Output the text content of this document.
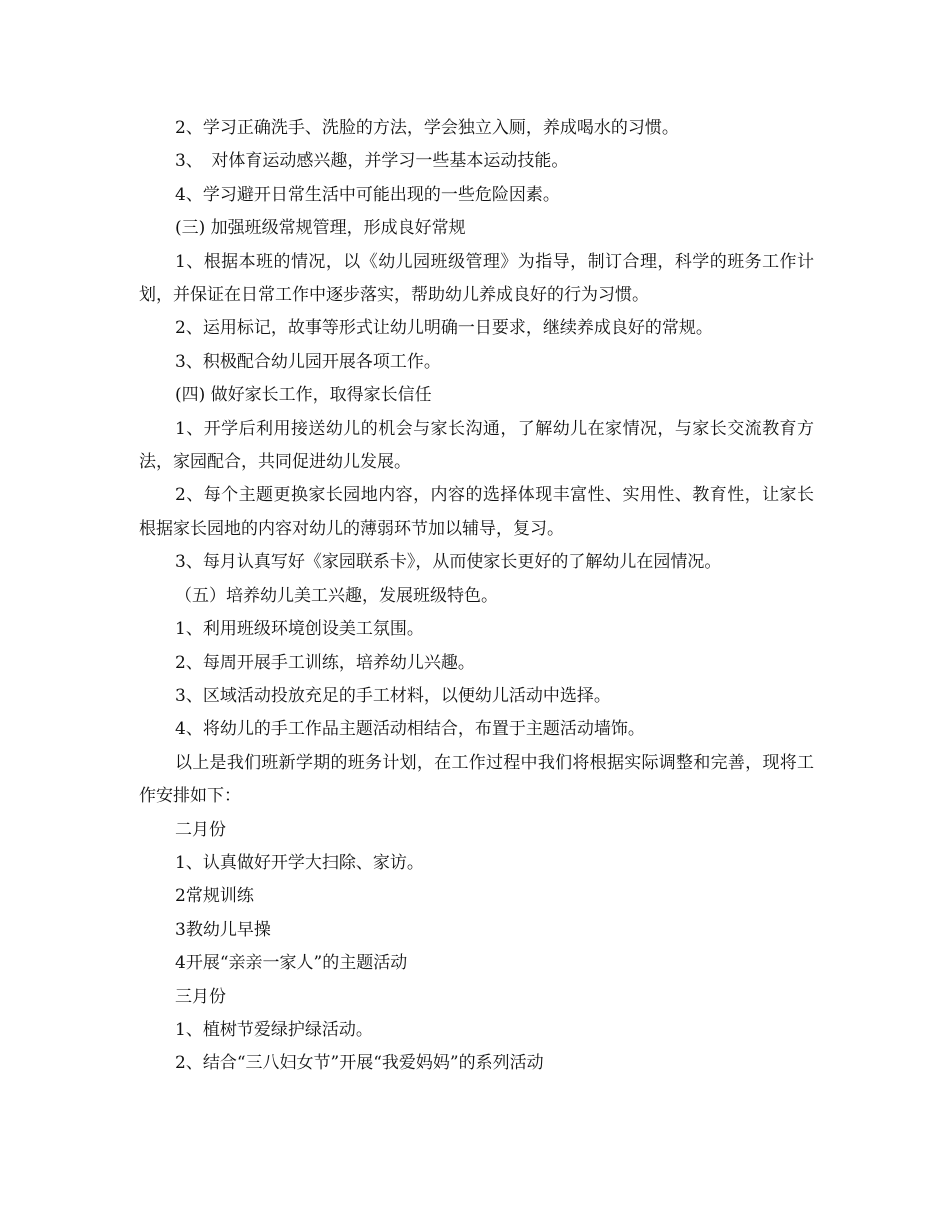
2、学习正确洗手、洗脸的方法，学会独立入厕，养成喝水的习惯。

3、　对体育运动感兴趣，并学习一些基本运动技能。

4、学习避开日常生活中可能出现的一些危险因素。

(三) 加强班级常规管理，形成良好常规

1、根据本班的情况，以《幼儿园班级管理》为指导，制订合理，科学的班务工作计划，并保证在日常工作中逐步落实，帮助幼儿养成良好的行为习惯。

2、运用标记，故事等形式让幼儿明确一日要求，继续养成良好的常规。

3、积极配合幼儿园开展各项工作。

(四) 做好家长工作，取得家长信任

1、开学后利用接送幼儿的机会与家长沟通，了解幼儿在家情况，与家长交流教育方法，家园配合，共同促进幼儿发展。

2、每个主题更换家长园地内容，内容的选择体现丰富性、实用性、教育性，让家长根据家长园地的内容对幼儿的薄弱环节加以辅导，复习。

3、每月认真写好《家园联系卡》，从而使家长更好的了解幼儿在园情况。

（五）培养幼儿美工兴趣，发展班级特色。

1、利用班级环境创设美工氛围。

2、每周开展手工训练，培养幼儿兴趣。

3、区域活动投放充足的手工材料，以便幼儿活动中选择。

4、将幼儿的手工作品主题活动相结合，布置于主题活动墙饰。

以上是我们班新学期的班务计划，在工作过程中我们将根据实际调整和完善，现将工作安排如下：

二月份

1、认真做好开学大扫除、家访。

2常规训练

3教幼儿早操

4开展“亲亲一家人”的主题活动

三月份

1、植树节爱绿护绿活动。

2、结合“三八妇女节”开展“我爱妈妈”的系列活动
